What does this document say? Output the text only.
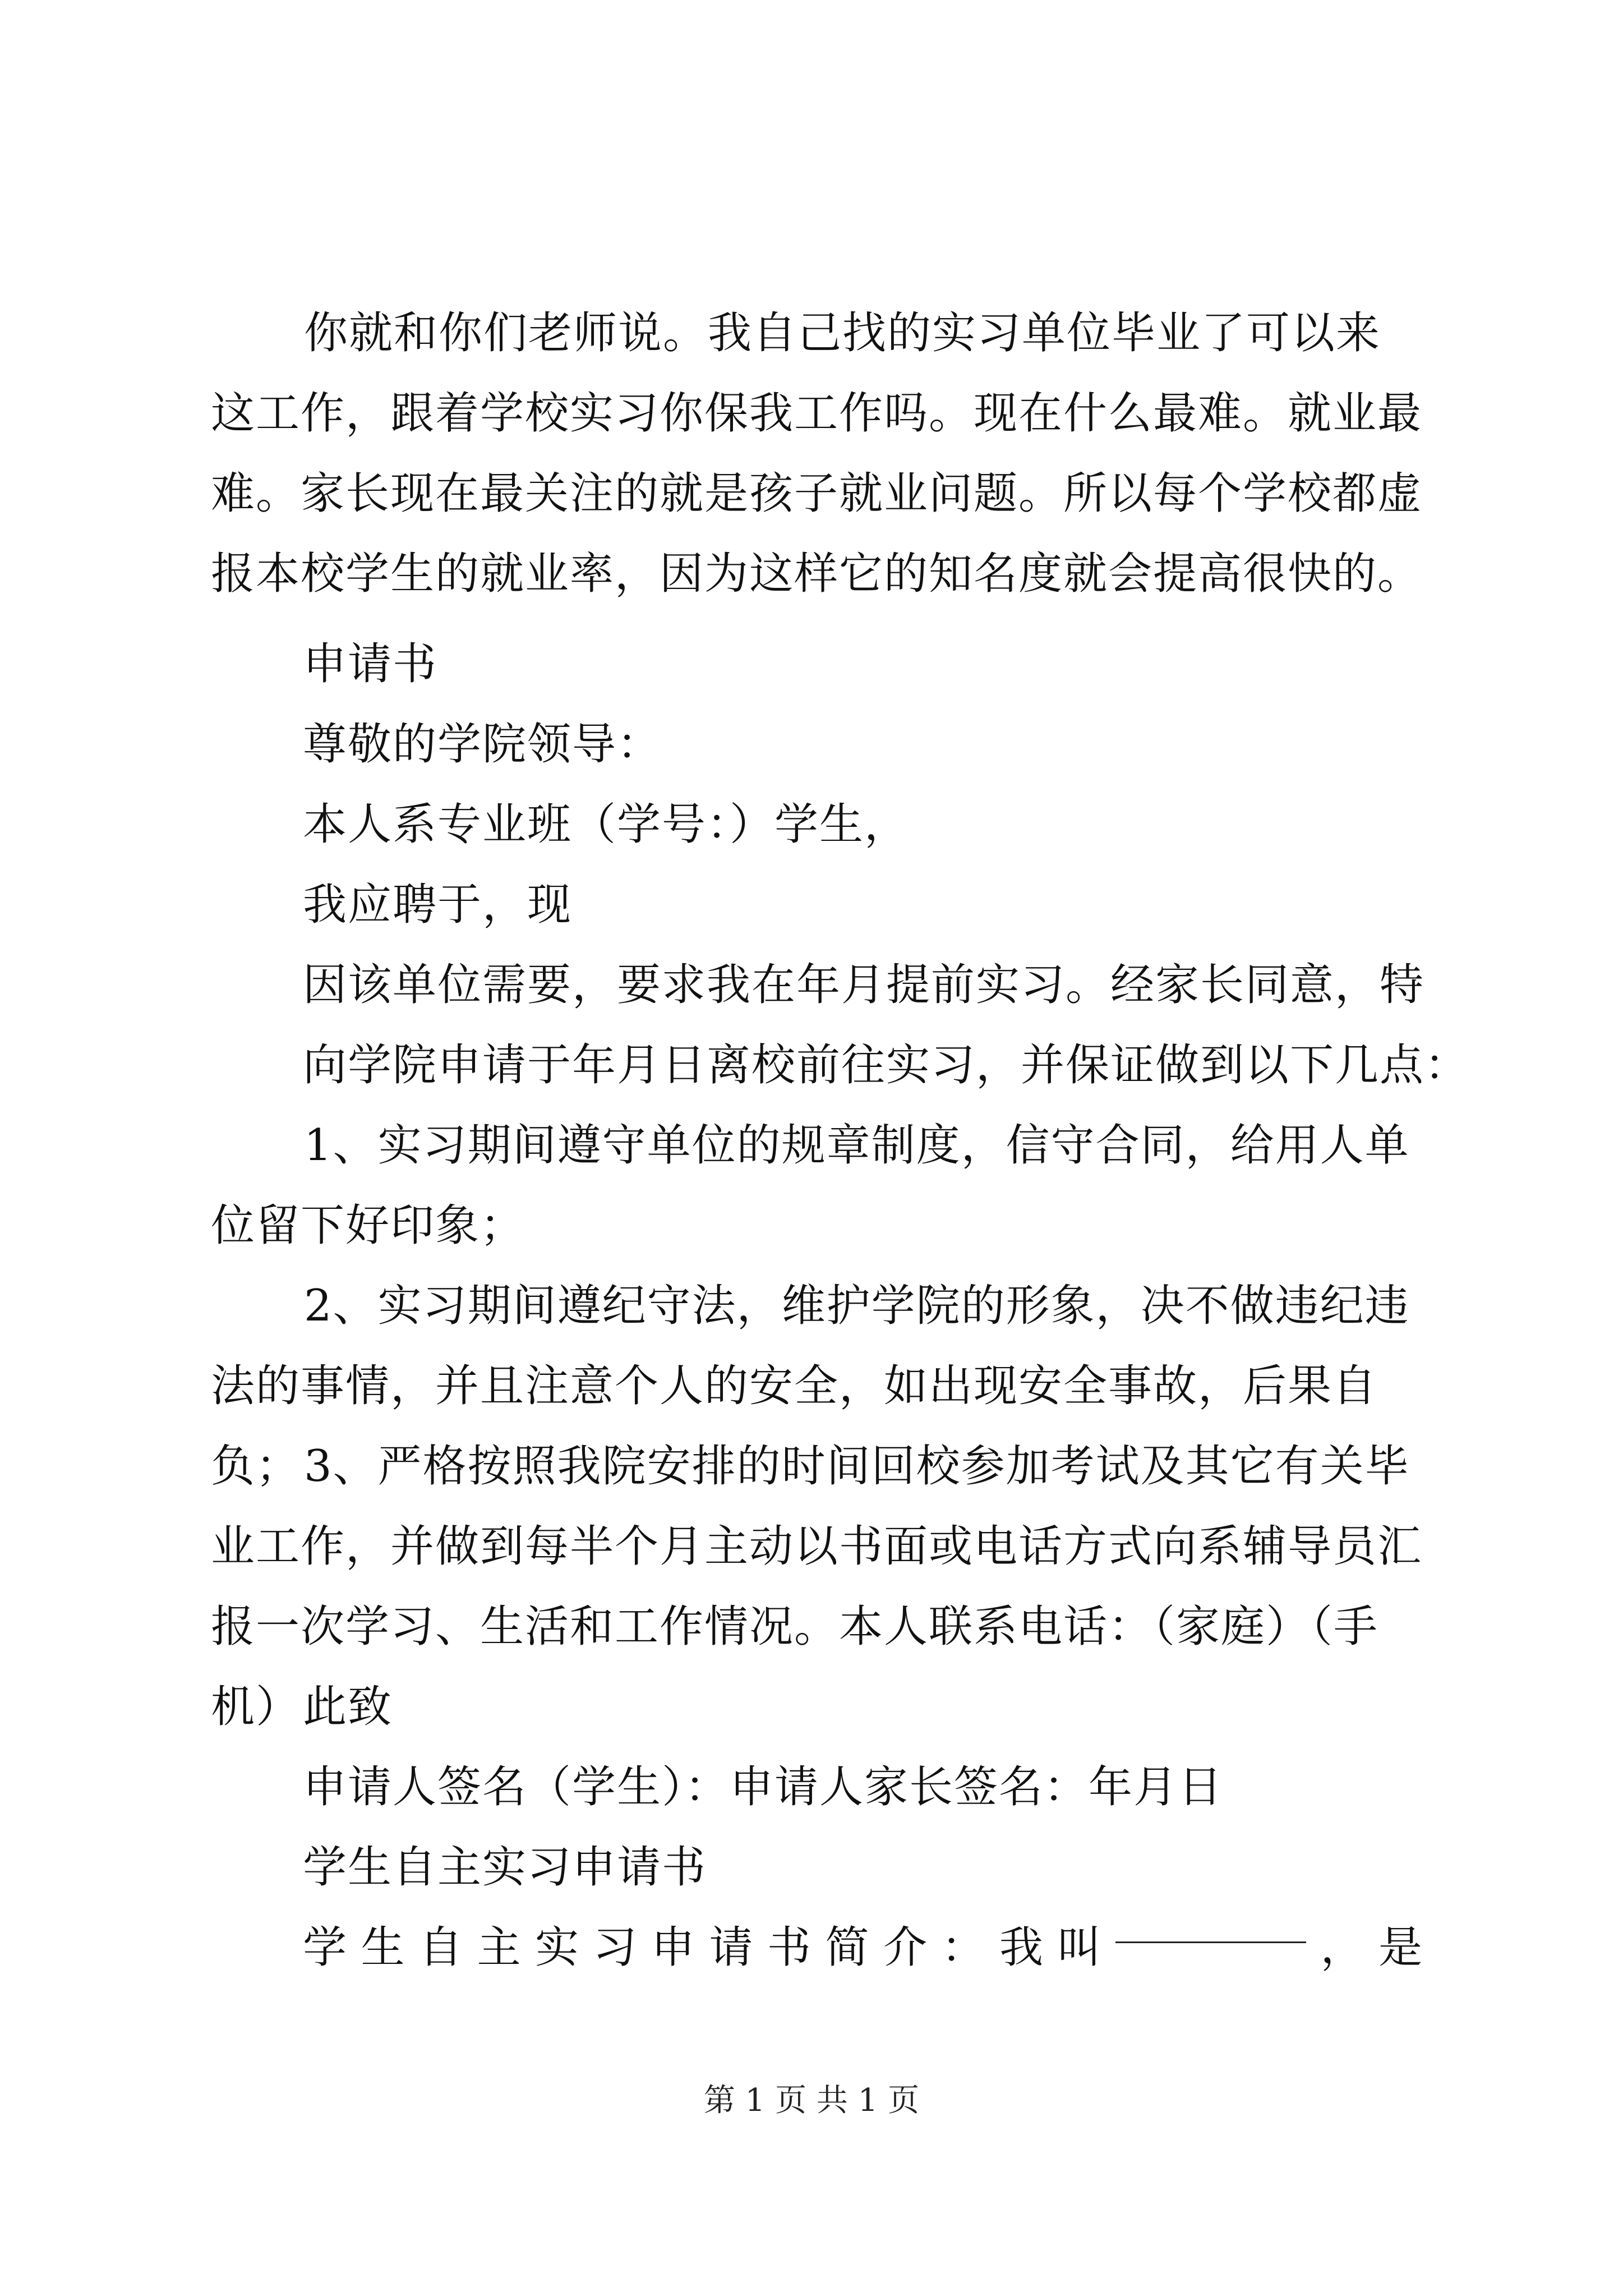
你就和你们老师说。我自己找的实习单位毕业了可以来这工作，跟着学校实习你保我工作吗。现在什么最难。就业最难。家长现在最关注的就是孩子就业问题。所以每个学校都虚报本校学生的就业率，因为这样它的知名度就会提高很快的。
申请书
尊敬的学院领导：
本人系专业班（学号：）学生，
我应聘于，现
因该单位需要，要求我在年月提前实习。经家长同意，特
向学院申请于年月日离校前往实习，并保证做到以下几点：
1、实习期间遵守单位的规章制度，信守合同，给用人单位留下好印象；
2、实习期间遵纪守法，维护学院的形象，决不做违纪违法的事情，并且注意个人的安全，如出现安全事故，后果自负； 3、严格按照我院安排的时间回校参加考试及其它有关毕业工作，并做到每半个月主动以书面或电话方式向系辅导员汇报一次学习、生活和工作情况。本人联系电话：（家庭）（手机） 此致
申请人签名（学生）：申请人家长签名：年月日
学生自主实习申请书
学 生 自 主 实 习 申 请 书 简 介 ： 我 叫	， 是
第 1 页 共 1 页
